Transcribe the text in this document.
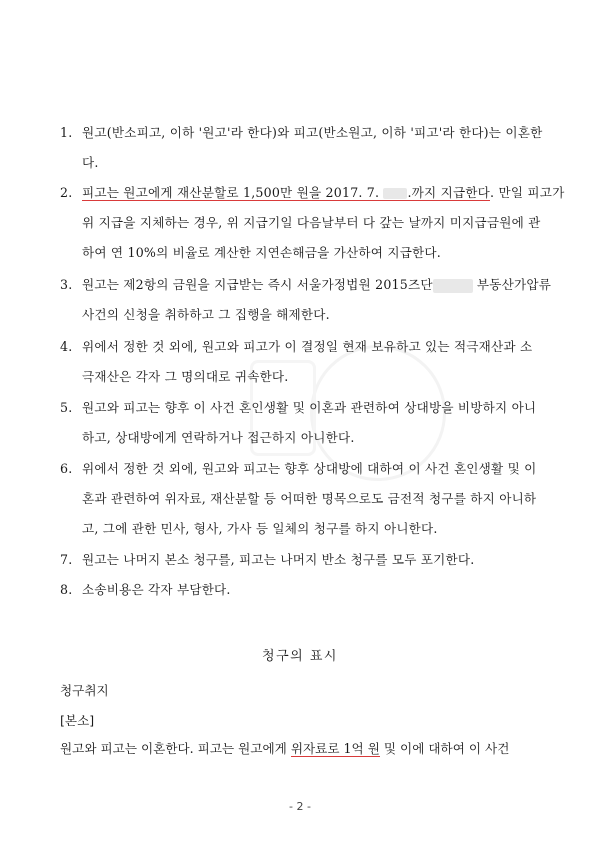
1. 원고(반소피고, 이하 '원고'라 한다)와 피고(반소원고, 이하 '피고'라 한다)는 이혼한
다.
2. 피고는 원고에게 재산분할로 1,500만 원을 2017. 7. .까지 지급한다. 만일 피고가
위 지급을 지체하는 경우, 위 지급기일 다음날부터 다 갚는 날까지 미지급금원에 관
하여 연 10%의 비율로 계산한 지연손해금을 가산하여 지급한다.
3. 원고는 제2항의 금원을 지급받는 즉시 서울가정법원 2015즈단	부동산가압류
사건의 신청을 취하하고 그 집행을 해제한다.
4. 위에서 정한 것 외에, 원고와 피고가 이 결정일 현재 보유하고 있는 적극재산과 소
극재산은 각자 그 명의대로 귀속한다.
5. 원고와 피고는 향후 이 사건 혼인생활 및 이혼과 관련하여 상대방을 비방하지 아니
하고, 상대방에게 연락하거나 접근하지 아니한다.
6. 위에서 정한 것 외에, 원고와 피고는 향후 상대방에 대하여 이 사건 혼인생활 및 이
혼과 관련하여 위자료, 재산분할 등 어떠한 명목으로도 금전적 청구를 하지 아니하
고, 그에 관한 민사, 형사, 가사 등 일체의 청구를 하지 아니한다.
7. 원고는 나머지 본소 청구를, 피고는 나머지 반소 청구를 모두 포기한다.
8. 소송비용은 각자 부담한다.
청구의 표시
청구취지
[본소]
원고와 피고는 이혼한다. 피고는 원고에게 위자료로 1억 원 및 이에 대하여 이 사건
- 2 -
